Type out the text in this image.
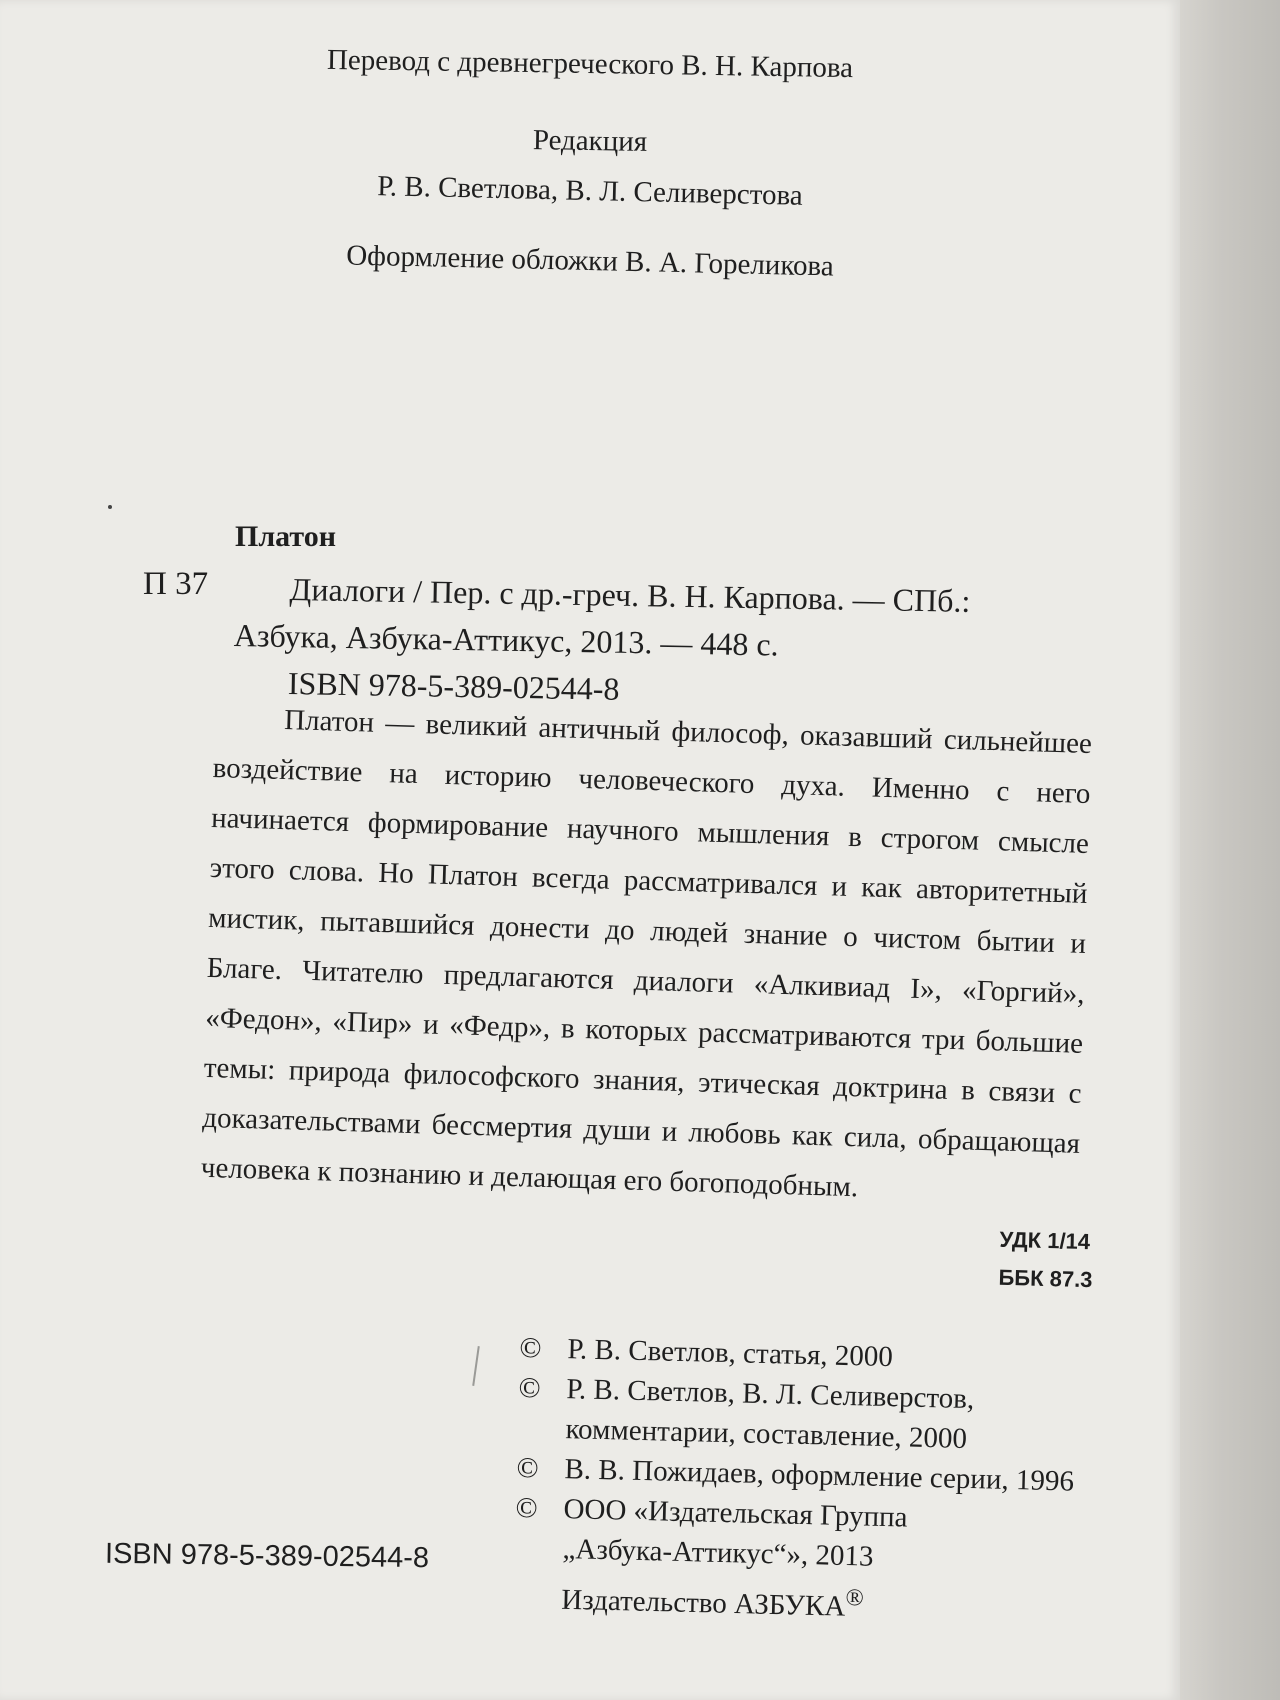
Перевод с древнегреческого В. Н. Карпова
Редакция
Р. В. Светлова, В. Л. Селиверстова
Оформление обложки В. А. Гореликова
Платон
П 37	Диалоги / Пер. с др.-греч. В. Н. Карпова. — СПб.:
Азбука, Азбука-Аттикус, 2013. — 448 с.
ISBN 978-5-389-02544-8
Платон — великий античный философ, оказавший сильнейшее воздействие на историю человеческого духа. Именно с него начинается формирование научного мышления в строгом смысле этого слова. Но Платон всегда рассматривался и как авторитетный мистик, пытавшийся донести до людей знание о чистом бытии и Благе. Читателю предлагаются диалоги «Алкивиад I», «Горгий», «Федон», «Пир» и «Федр», в которых рассматриваются три большие темы: природа философского знания, этическая доктрина в связи с доказательствами бессмертия души и любовь как сила, обращающая человека к познанию и делающая его богоподобным.
УДК 1/14
ББК 87.3
© Р. В. Светлов, статья, 2000
© Р. В. Светлов, В. Л. Селиверстов,
комментарии, составление, 2000
© В. В. Пожидаев, оформление серии, 1996
© ООО «Издательская Группа
„Азбука-Аттикус“», 2013
Издательство АЗБУКА®
ISBN 978-5-389-02544-8
